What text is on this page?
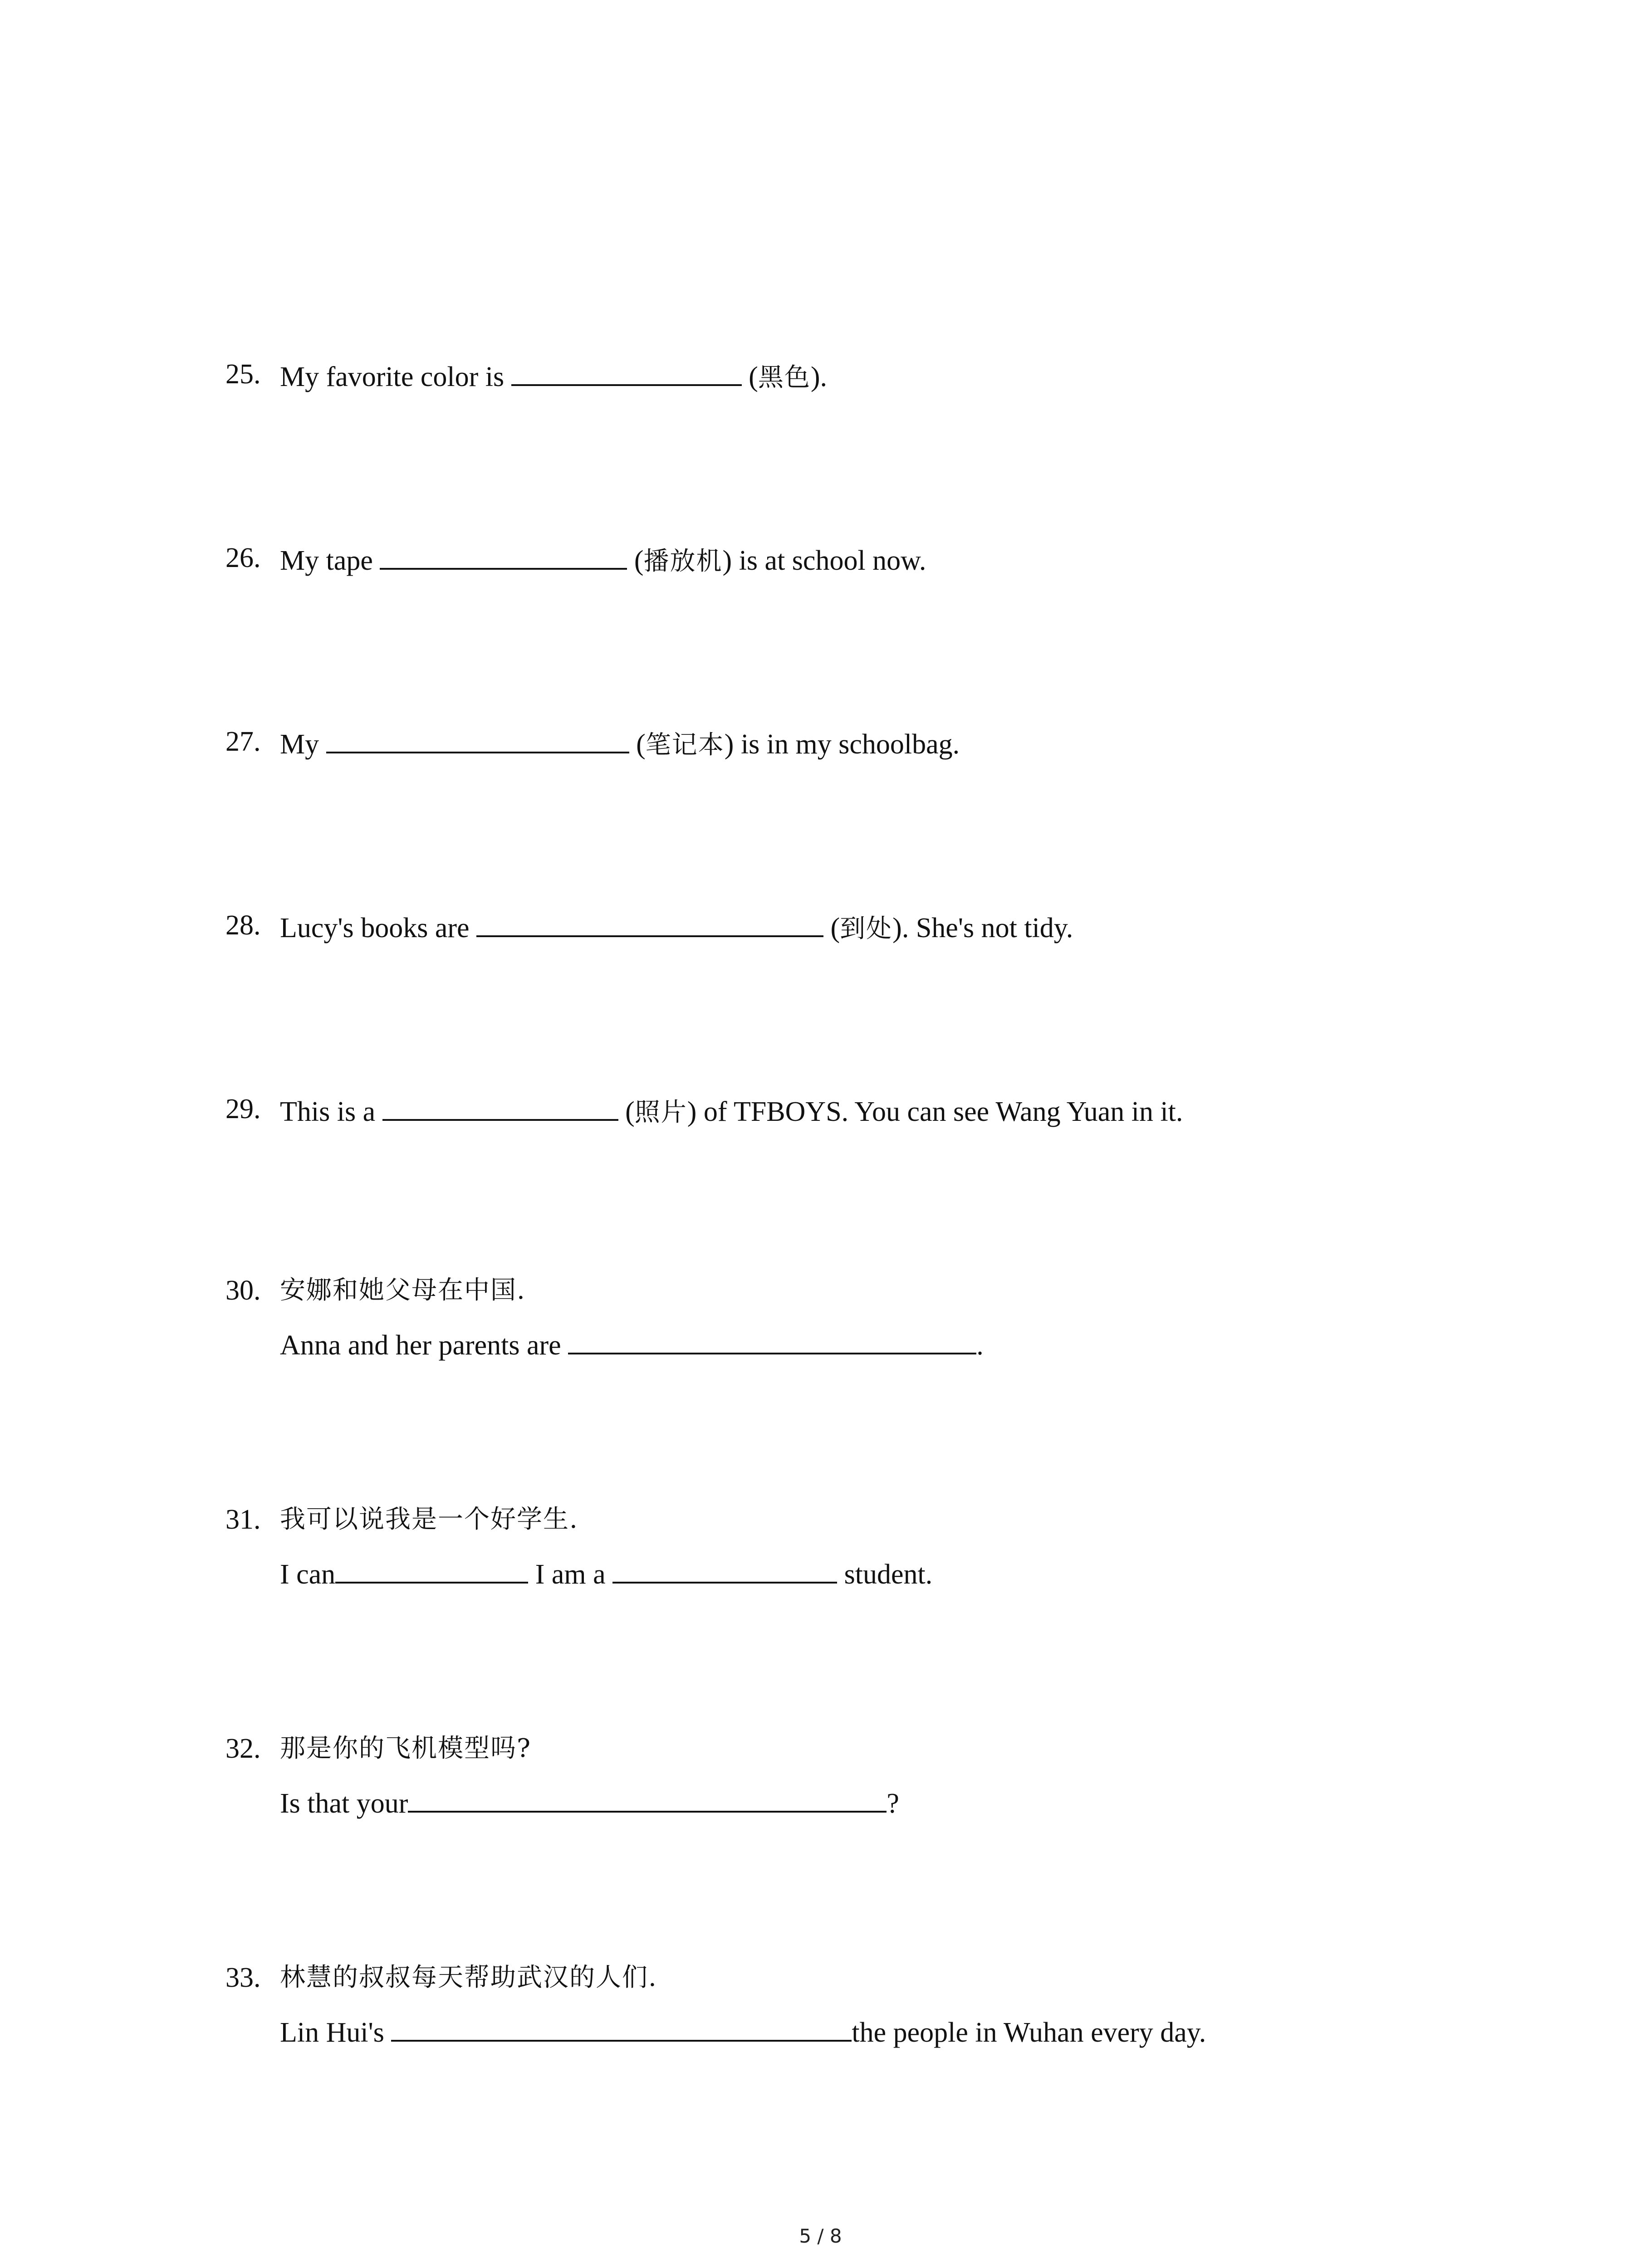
25. My favorite color is	(黑色).
26. My tape	(播放机) is at school now.
27. My	(笔记本) is in my schoolbag.
28. Lucy's books are	(到处). She's not tidy.
29. This is a	(照片) of TFBOYS. You can see Wang Yuan in it.
30. 安娜和她父母在中国.
Anna and her parents are	.
31. 我可以说我是一个好学生.
I can	I am a	student.
32. 那是你的飞机模型吗?
Is that your	?
33. 林慧的叔叔每天帮助武汉的人们.
Lin Hui's	the people in Wuhan every day.
5 / 8
